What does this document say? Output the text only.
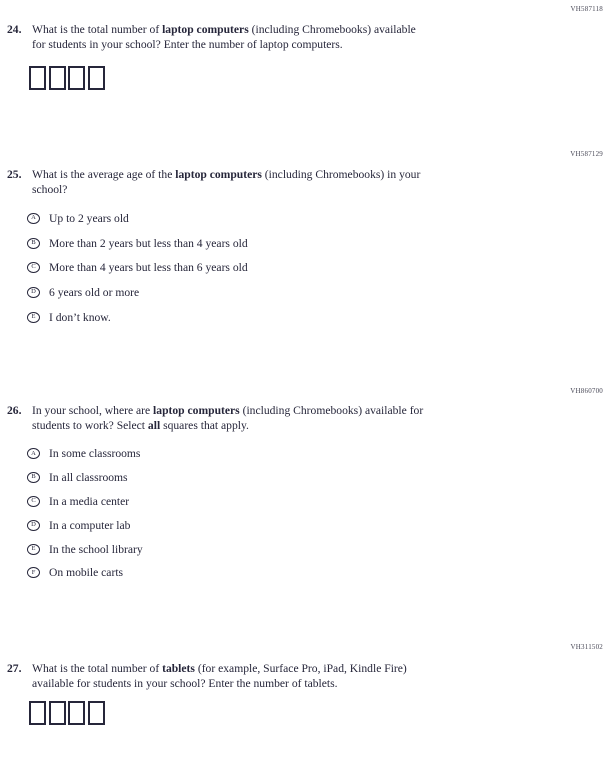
VH587118
24. What is the total number of laptop computers (including Chromebooks) available
for students in your school? Enter the number of laptop computers.
VH587129
25. What is the average age of the laptop computers (including Chromebooks) in your
school?
A	Up to 2 years old
B	More than 2 years but less than 4 years old
C	More than 4 years but less than 6 years old
D	6 years old or more
E	I don’t know.
VH860700
26. In your school, where are laptop computers (including Chromebooks) available for
students to work? Select all squares that apply.
A	In some classrooms
B	In all classrooms
C	In a media center
D	In a computer lab
E	In the school library
F	On mobile carts
VH311502
27. What is the total number of tablets (for example, Surface Pro, iPad, Kindle Fire)
available for students in your school? Enter the number of tablets.
